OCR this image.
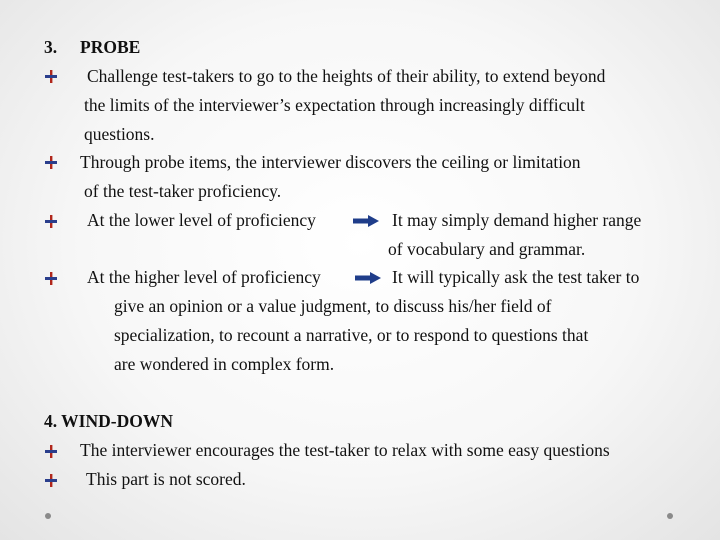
3. PROBE
Challenge test-takers to go to the heights of their ability, to extend beyond
the limits of the interviewer’s expectation through increasingly difficult
questions.
Through probe items, the interviewer discovers the ceiling or limitation
of the test-taker proficiency.
At the lower level of proficiency	It may simply demand higher range
of vocabulary and grammar.
At the higher level of proficiency	It will typically ask the test taker to
give an opinion or a value judgment, to discuss his/her field of
specialization, to recount a narrative, or to respond to questions that
are wondered in complex form.
4. WIND-DOWN
The interviewer encourages the test-taker to relax with some easy questions
This part is not scored.
